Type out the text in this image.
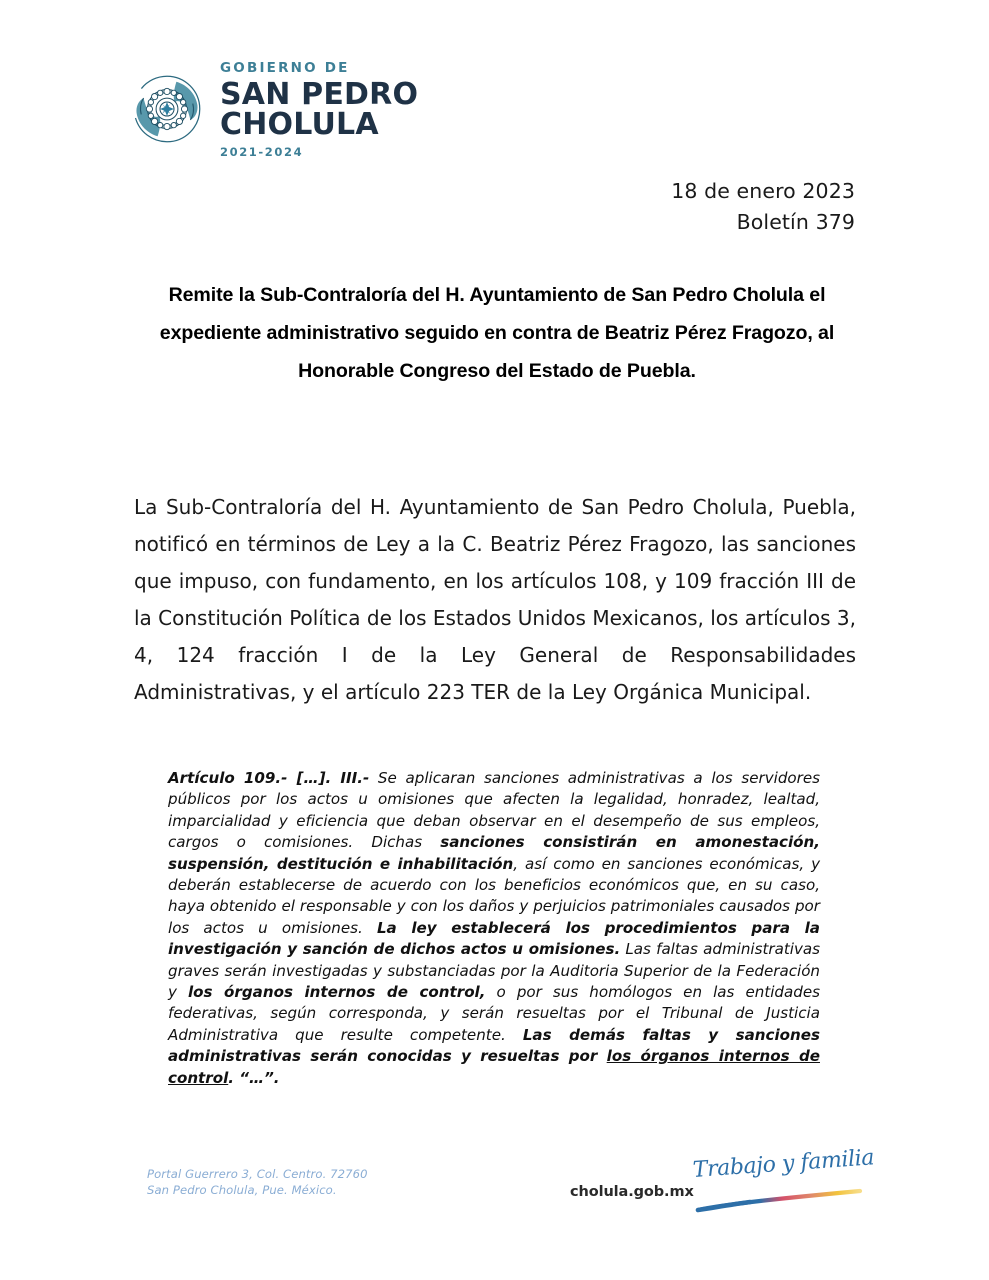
GOBIERNO DE
SAN PEDRO
CHOLULA
2021-2024
18 de enero 2023
Boletín 379
Remite la Sub-Contraloría del H. Ayuntamiento de San Pedro Cholula el expediente administrativo seguido en contra de Beatriz Pérez Fragozo, al Honorable Congreso del Estado de Puebla.
La Sub-Contraloría del H. Ayuntamiento de San Pedro Cholula, Puebla, notificó en términos de Ley a la C. Beatriz Pérez Fragozo, las sanciones que impuso, con fundamento, en los artículos 108, y 109 fracción III de la Constitución Política de los Estados Unidos Mexicanos, los artículos 3, 4, 124 fracción I de la Ley General de Responsabilidades Administrativas, y el artículo 223 TER de la Ley Orgánica Municipal.
Artículo 109.- […]. III.- Se aplicaran sanciones administrativas a los servidores públicos por los actos u omisiones que afecten la legalidad, honradez, lealtad, imparcialidad y eficiencia que deban observar en el desempeño de sus empleos, cargos o comisiones. Dichas sanciones consistirán en amonestación, suspensión, destitución e inhabilitación, así como en sanciones económicas, y deberán establecerse de acuerdo con los beneficios económicos que, en su caso, haya obtenido el responsable y con los daños y perjuicios patrimoniales causados por los actos u omisiones. La ley establecerá los procedimientos para la investigación y sanción de dichos actos u omisiones. Las faltas administrativas graves serán investigadas y substanciadas por la Auditoria Superior de la Federación y los órganos internos de control, o por sus homólogos en las entidades federativas, según corresponda, y serán resueltas por el Tribunal de Justicia Administrativa que resulte competente. Las demás faltas y sanciones administrativas serán conocidas y resueltas por los órganos internos de control. “…”.
Portal Guerrero 3, Col. Centro. 72760
San Pedro Cholula, Pue. México.	cholula.gob.mx
Trabajo y familia
